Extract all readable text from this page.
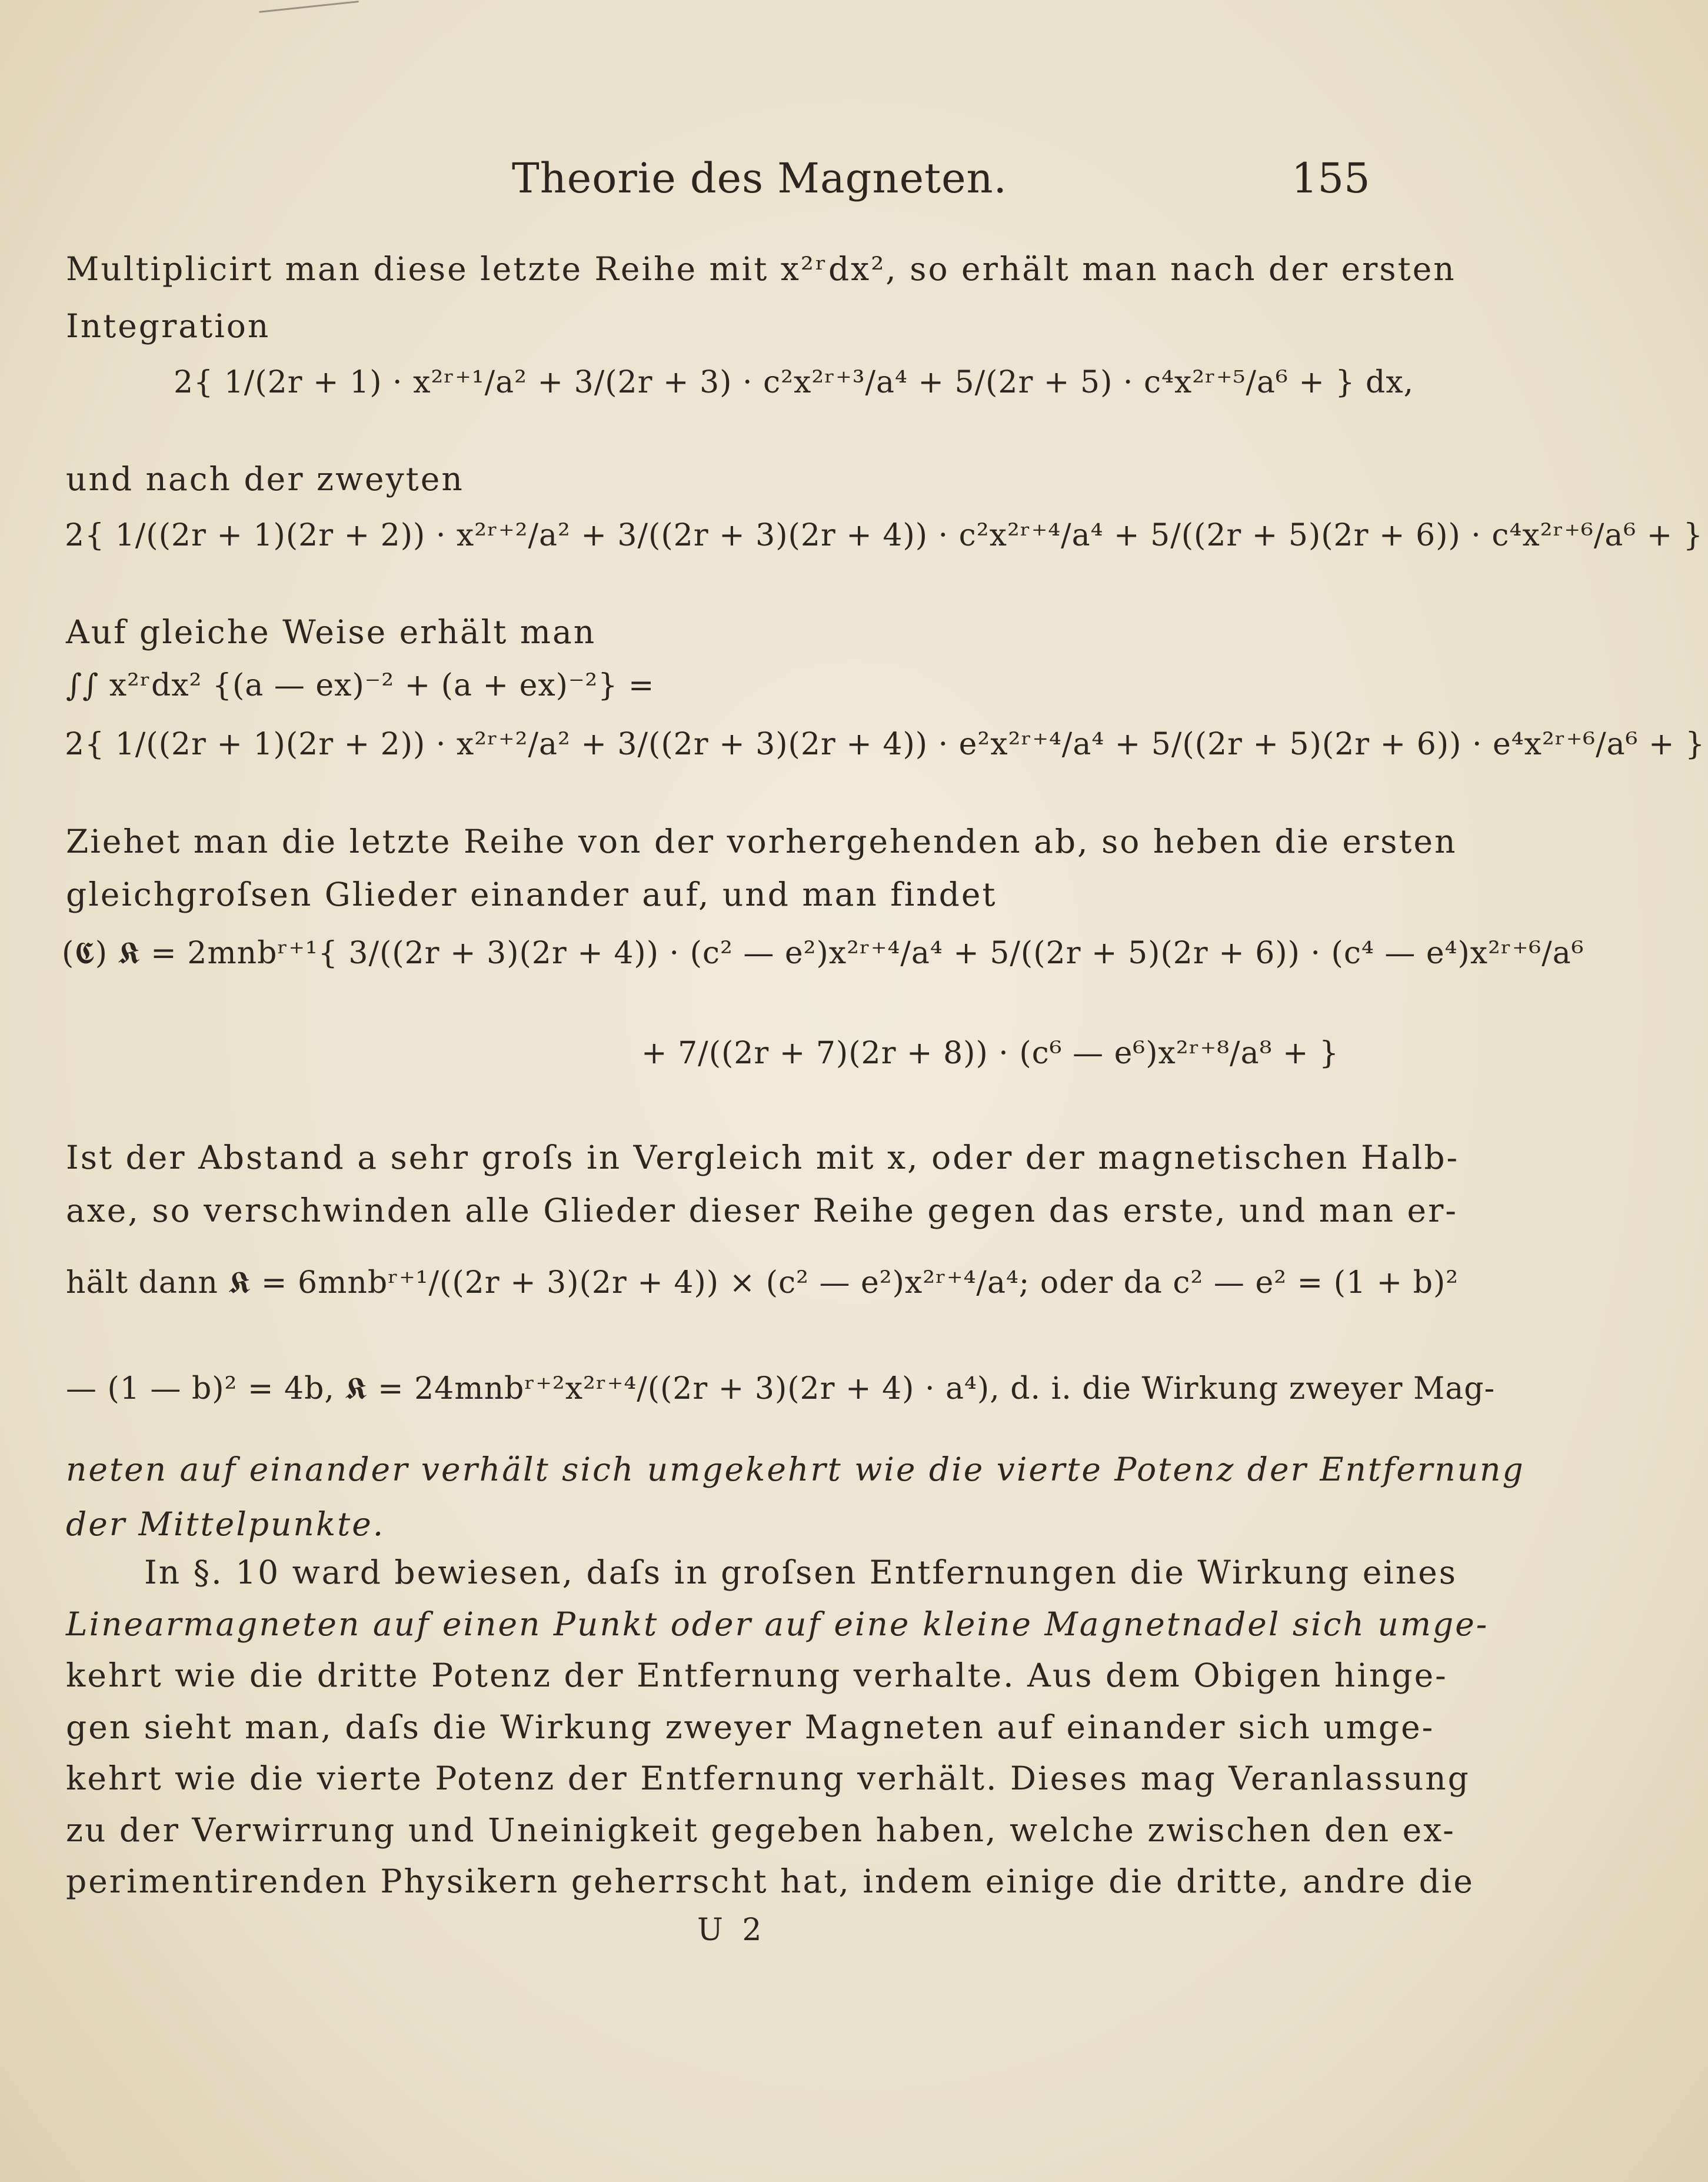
Theorie des Magneten.	155
Multiplicirt man diese letzte Reihe mit x²ʳdx², so erhält man nach der ersten
Integration
2{ 1/(2r + 1) · x²ʳ⁺¹/a² + 3/(2r + 3) · c²x²ʳ⁺³/a⁴ + 5/(2r + 5) · c⁴x²ʳ⁺⁵/a⁶ + } dx,
und nach der zweyten
2{ 1/((2r + 1)(2r + 2)) · x²ʳ⁺²/a² + 3/((2r + 3)(2r + 4)) · c²x²ʳ⁺⁴/a⁴ + 5/((2r + 5)(2r + 6)) · c⁴x²ʳ⁺⁶/a⁶ + }
Auf gleiche Weise erhält man
∫∫ x²ʳdx² {(a — ex)⁻² + (a + ex)⁻²} =
2{ 1/((2r + 1)(2r + 2)) · x²ʳ⁺²/a² + 3/((2r + 3)(2r + 4)) · e²x²ʳ⁺⁴/a⁴ + 5/((2r + 5)(2r + 6)) · e⁴x²ʳ⁺⁶/a⁶ + }
Ziehet man die letzte Reihe von der vorhergehenden ab, so heben die ersten
gleichgroſsen Glieder einander auf, und man findet
(𝕮) 𝕶 = 2mnbʳ⁺¹{ 3/((2r + 3)(2r + 4)) · (c² — e²)x²ʳ⁺⁴/a⁴ + 5/((2r + 5)(2r + 6)) · (c⁴ — e⁴)x²ʳ⁺⁶/a⁶
+ 7/((2r + 7)(2r + 8)) · (c⁶ — e⁶)x²ʳ⁺⁸/a⁸ + }
Ist der Abstand a sehr groſs in Vergleich mit x, oder der magnetischen Halb-
axe, so verschwinden alle Glieder dieser Reihe gegen das erste, und man er-
hält dann 𝕶 = 6mnbʳ⁺¹/((2r + 3)(2r + 4)) × (c² — e²)x²ʳ⁺⁴/a⁴; oder da c² — e² = (1 + b)²
— (1 — b)² = 4b, 𝕶 = 24mnbʳ⁺²x²ʳ⁺⁴/((2r + 3)(2r + 4) · a⁴), d. i. die Wirkung zweyer Mag-
neten auf einander verhält sich umgekehrt wie die vierte Potenz der Entfernung
der Mittelpunkte.
In §. 10 ward bewiesen, daſs in groſsen Entfernungen die Wirkung eines
Linearmagneten auf einen Punkt oder auf eine kleine Magnetnadel sich umge-
kehrt wie die dritte Potenz der Entfernung verhalte. Aus dem Obigen hinge-
gen sieht man, daſs die Wirkung zweyer Magneten auf einander sich umge-
kehrt wie die vierte Potenz der Entfernung verhält. Dieses mag Veranlassung
zu der Verwirrung und Uneinigkeit gegeben haben, welche zwischen den ex-
perimentirenden Physikern geherrscht hat, indem einige die dritte, andre die
U 2
